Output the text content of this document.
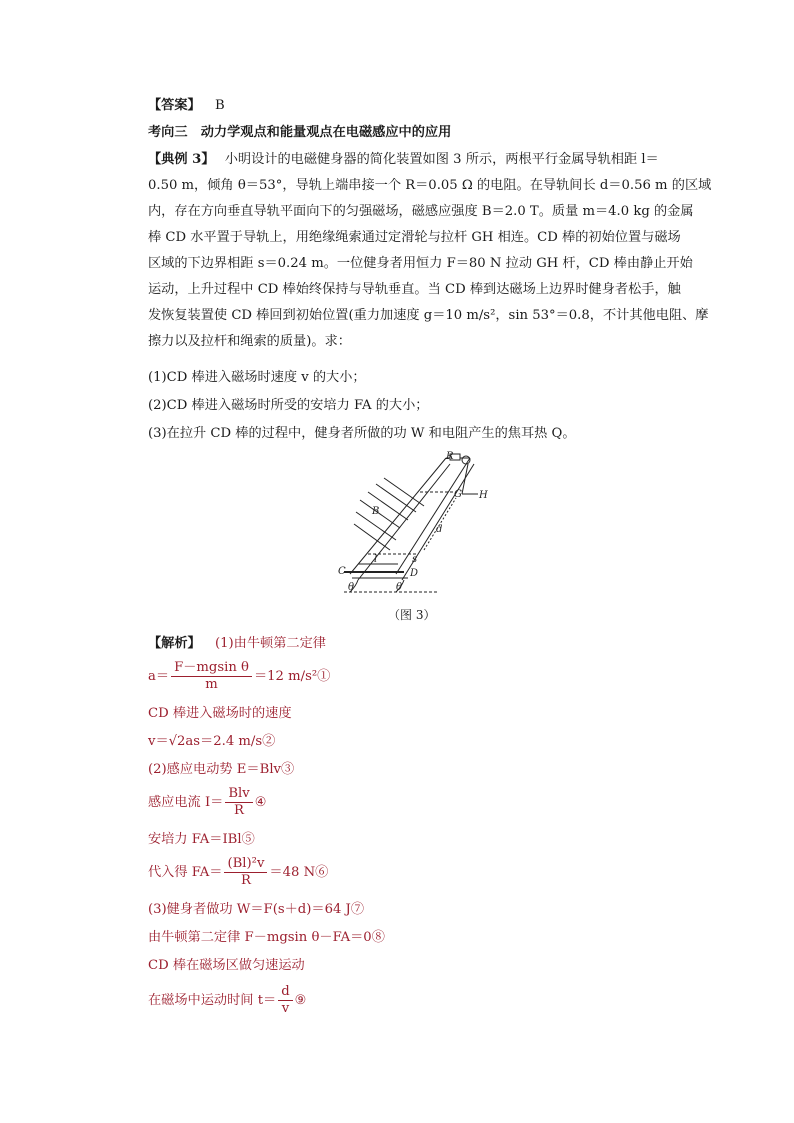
【答案】 B
考向三　动力学观点和能量观点在电磁感应中的应用
【典例 3】 小明设计的电磁健身器的简化装置如图 3 所示，两根平行金属导轨相距 l＝
0.50 m，倾角 θ＝53°，导轨上端串接一个 R＝0.05 Ω 的电阻。在导轨间长 d＝0.56 m 的区域
内，存在方向垂直导轨平面向下的匀强磁场，磁感应强度 B＝2.0 T。质量 m＝4.0 kg 的金属
棒 CD 水平置于导轨上，用绝缘绳索通过定滑轮与拉杆 GH 相连。CD 棒的初始位置与磁场
区域的下边界相距 s＝0.24 m。一位健身者用恒力 F＝80 N 拉动 GH 杆，CD 棒由静止开始
运动，上升过程中 CD 棒始终保持与导轨垂直。当 CD 棒到达磁场上边界时健身者松手，触
发恢复装置使 CD 棒回到初始位置(重力加速度 g＝10 m/s²，sin 53°＝0.8，不计其他电阻、摩
擦力以及拉杆和绳索的质量)。求：
(1)CD 棒进入磁场时速度 v 的大小；
(2)CD 棒进入磁场时所受的安培力 FA 的大小；
(3)在拉升 CD 棒的过程中，健身者所做的功 W 和电阻产生的焦耳热 Q。
R
G H
B
d
C	D
l	s
θ	θ
（图 3）
【解析】 (1)由牛顿第二定律
$a= \frac{\text{F－mgsin θ}}{m} =12$ m/s²①
CD 棒进入磁场时的速度
v＝√2as＝2.4 m/s②
(2)感应电动势 E＝Blv③
感应电流 $I= \frac{\text{Blv}}{R}$ ④
安培力 FA＝IBl⑤
代入得 $FA= \frac{\text{(Bl)²v}}{R} =48$ N⑥
(3)健身者做功 W＝F(s＋d)＝64 J⑦
由牛顿第二定律 F－mgsin θ－FA＝0⑧
CD 棒在磁场区做匀速运动
在磁场中运动时间 $t= \frac{d}{v}$ ⑨
